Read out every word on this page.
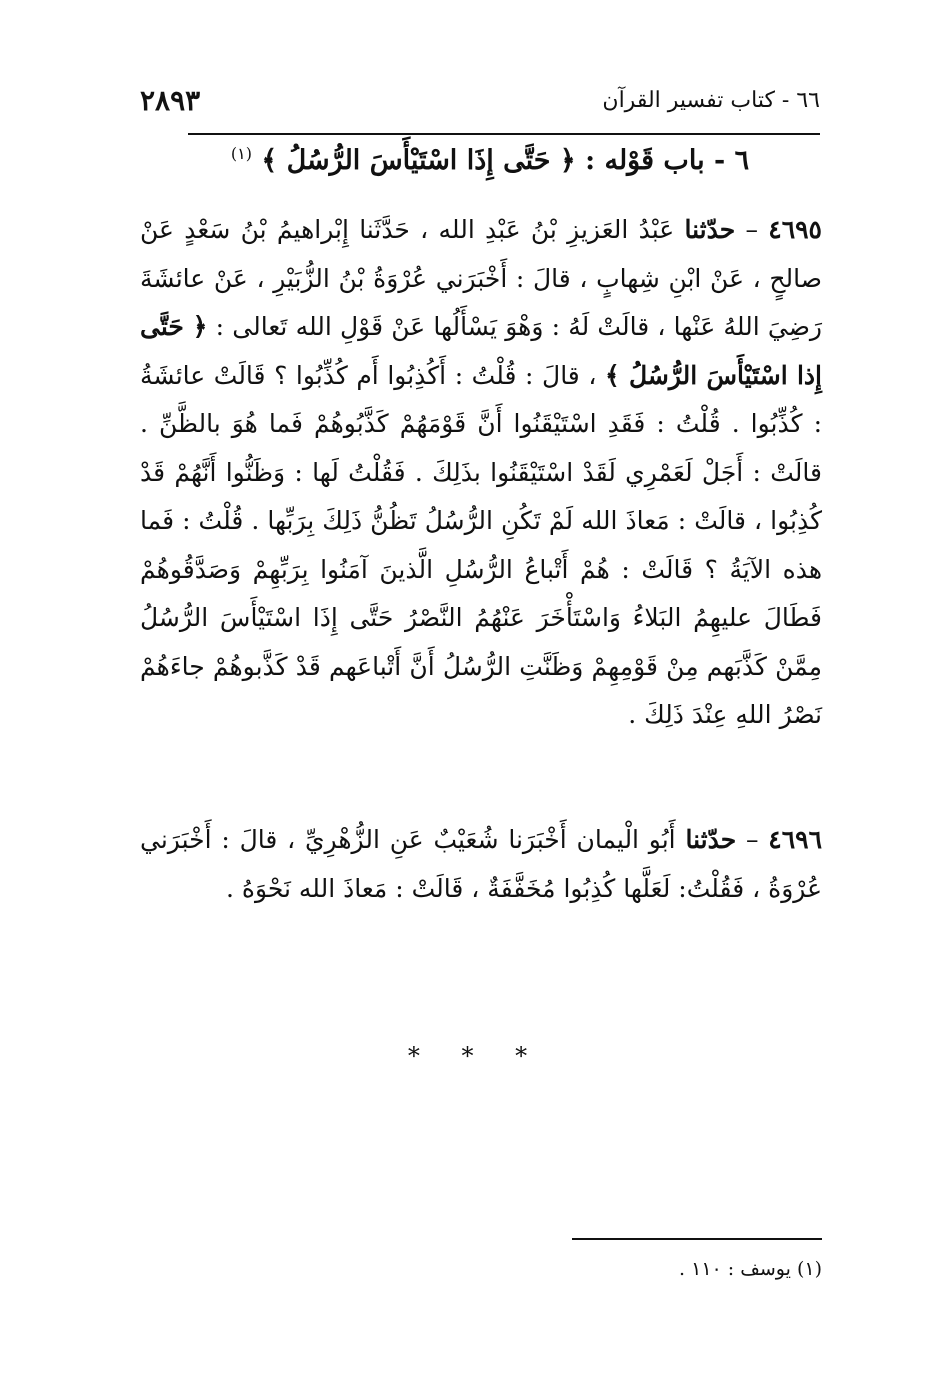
٦٦ - كتاب تفسير القرآن
٢٨٩٣
٦ - باب قَوْله : ﴿ حَتَّى إِذَا اسْتَيْأَسَ الرُّسُلُ ﴾ $^{(١)}$
٤٦٩٥ – حدّثنا عَبْدُ العَزيزِ بْنُ عَبْدِ الله ، حَدَّثَنا إِبْراهيمُ بْنُ سَعْدٍ عَنْ صالحٍ ، عَنْ ابْنِ شِهابٍ ، قالَ : أَخْبَرَني عُرْوَةُ بْنُ الزُّبَيْرِ ، عَنْ عائشَةَ رَضِيَ اللهُ عَنْها ، قالَتْ لَهُ : وَهْوَ يَسْأَلُها عَنْ قَوْلِ الله تَعالى : ﴿ حَتَّى إِذا اسْتَيْأَسَ الرُّسُلُ ﴾ ، قالَ : قُلْتُ : أَكُذِبُوا أَم كُذِّبُوا ؟ قَالَتْ عائشَةُ : كُذِّبُوا . قُلْتُ : فَقَدِ اسْتَيْقَنُوا أَنَّ قَوْمَهُمْ كَذَّبُوهُمْ فَما هُوَ بالظَّنِّ . قالَتْ : أَجَلْ لَعَمْرِي لَقَدْ اسْتَيْقَنُوا بذَلِكَ . فَقُلْتُ لَها : وَظَنُّوا أَنَّهُمْ قَدْ كُذِبُوا ، قالَتْ : مَعاذَ الله لَمْ تَكُنِ الرُّسُلُ تَظُنُّ ذَلِكَ بِرَبِّها . قُلْتُ : فَما هذه الآيَةُ ؟ قَالَتْ : هُمْ أَتْباعُ الرُّسُلِ الَّذينَ آمَنُوا بِرَبِّهِمْ وَصَدَّقُوهُمْ فَطَالَ عليهِمُ البَلاءُ وَاسْتَأْخَرَ عَنْهُمُ النَّصْرُ حَتَّى إِذَا اسْتَيْأَسَ الرُّسُلُ مِمَّنْ كَذَّبَهم مِنْ قَوْمِهِمْ وَظَنَّتِ الرُّسُلُ أَنَّ أَتْباعَهم قَدْ كَذَّبوهُمْ جاءَهُمْ نَصْرُ اللهِ عِنْدَ ذَلِكَ .
٤٦٩٦ – حدّثنا أَبُو الْيمان أَخْبَرَنا شُعَيْبٌ عَنِ الزُّهْرِيِّ ، قالَ : أَخْبَرَني عُرْوَةُ ، فَقُلْتُ: لَعَلَّها كُذِبُوا مُخَفَّفَةٌ ، قَالَتْ : مَعاذَ الله نَحْوَهُ .
* * *
(١) يوسف : ١١٠ .
